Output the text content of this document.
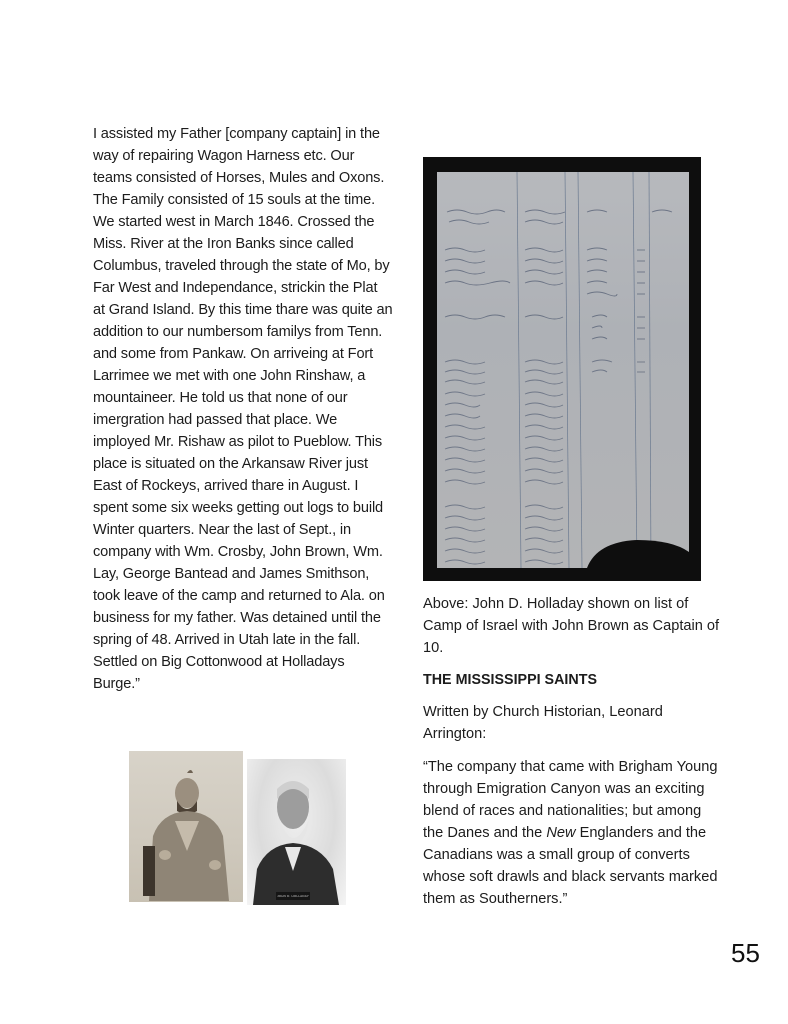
I assisted my Father [company captain] in the way of repairing Wagon Harness etc. Our teams consisted of Horses, Mules and Oxons. The Family consisted of 15 souls at the time. We started west in March 1846. Crossed the Miss. River at the Iron Banks since called Columbus, traveled through the state of Mo, by Far West and Independance, strickin the Plat at Grand Island. By this time thare was quite an addition to our numbersom familys from Tenn. and some from Pankaw. On arriveing at Fort Larrimee we met with one John Rinshaw, a mountaineer. He told us that none of our imergration had passed that place. We imployed Mr. Rishaw as pilot to Pueblow. This place is situated on the Arkansaw River just East of Rockeys, arrived thare in August. I spent some six weeks getting out logs to build Winter quarters. Near the last of Sept., in company with Wm. Crosby, John Brown, Wm. Lay, George Bantead and James Smithson, took leave of the camp and returned to Ala. on business for my father. Was detained until the spring of 48. Arrived in Utah late in the fall. Settled on Big Cottonwood at Holladays Burge.”

Above: John D. Holladay shown on list of Camp of Israel with John Brown as Captain of 10.

THE MISSISSIPPI SAINTS

Written by Church Historian, Leonard Arrington:

“The company that came with Brigham Young through Emigration Canyon was an exciting blend of races and nationalities; but among the Danes and the New Englanders and the Canadians was a small group of converts whose soft drawls and black servants marked them as Southerners.”

JOHN D. HOLLADAY
55
